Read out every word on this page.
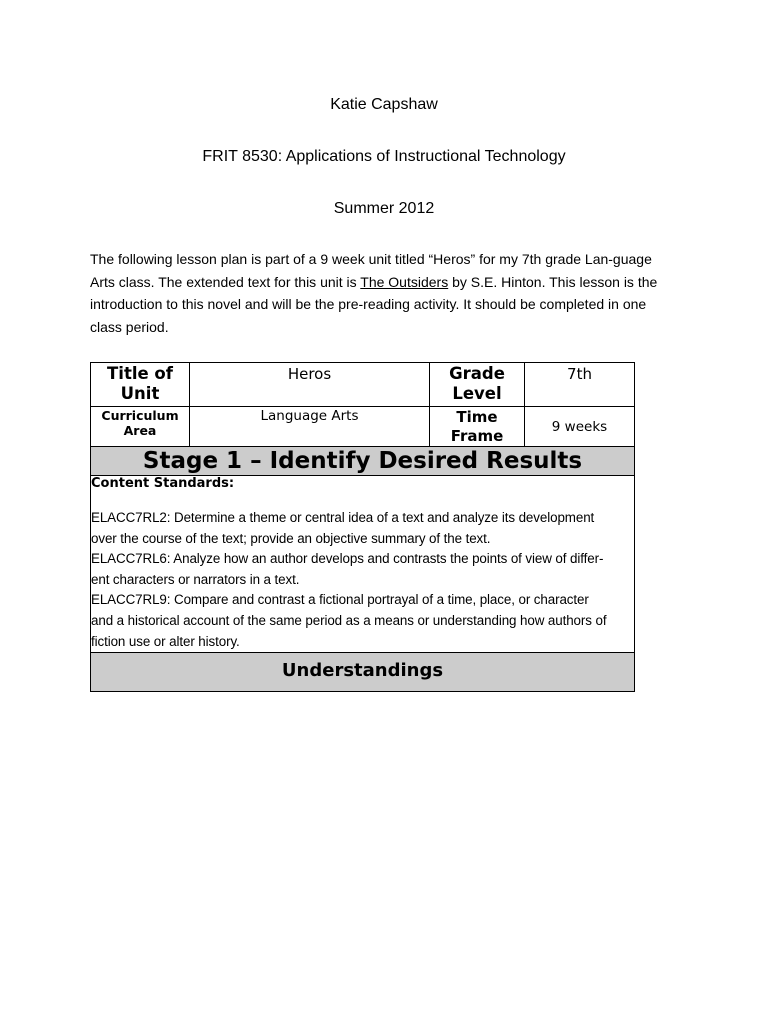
Katie Capshaw
FRIT 8530: Applications of Instructional Technology
Summer 2012
The following lesson plan is part of a 9 week unit titled “Heros” for my 7th grade Lan-guage Arts class. The extended text for this unit is The Outsiders by S.E. Hinton. This lesson is the introduction to this novel and will be the pre-reading activity. It should be completed in one class period.
Title of Unit
Heros	Grade Level
7th
Curriculum Area
Language Arts	Time Frame
9 weeks
Stage 1 – Identify Desired Results
Content Standards:
ELACC7RL2: Determine a theme or central idea of a text and analyze its development
over the course of the text; provide an objective summary of the text.
ELACC7RL6: Analyze how an author develops and contrasts the points of view of differ-
ent characters or narrators in a text.
ELACC7RL9: Compare and contrast a fictional portrayal of a time, place, or character
and a historical account of the same period as a means or understanding how authors of
fiction use or alter history.
Understandings
